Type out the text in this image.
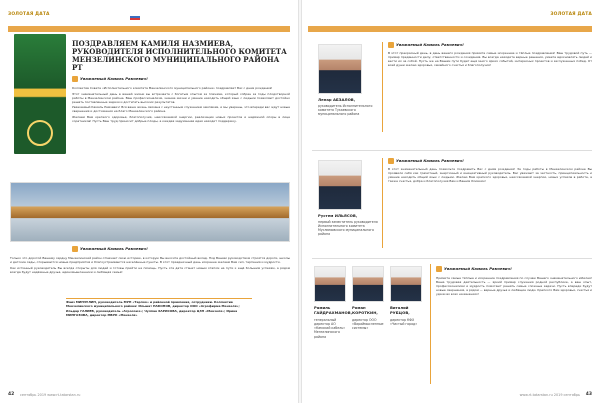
ЗОЛОТАЯ ДАТА
ПОЗДРАВЛЯЕМ КАМИЛЯ НАЗМИЕВА, РУКОВОДИТЕЛЯ ИСПОЛНИТЕЛЬНОГО КОМИТЕТА МЕНЗЕЛИНСКОГО МУНИЦИПАЛЬНОГО РАЙОНА РТ
Уважаемый Камиль Рамзевич!

Коллектив Совета «Исполнительного комитета Мензелинского муниципального района» поздравляет Вас с днем рождения!

Этот знаменательный день в вашей жизни вы встречаете с богатым опытом за плечами, который собран за годы плодотворной работы в Мензелинском районе. Ваш профессионализм, знание жизни и умение находить общий язык с людьми позволяют достойно решать поставленные задачи и достигать высоких результатов.

Уважаемый Камиль Рамзевич! Вся ваша жизнь связана с неустанным служением землякам, и мы уверены, что впереди вас ждут новые свершения и достижения на благо Мензелинского района.

Желаем Вам крепкого здоровья, благополучия, неиссякаемой энергии, реализации новых проектов и надёжной опоры в лице соратников! Пусть Ваш труд приносит добрые плоды, а каждая задуманная идея находит поддержку.

Уважаемый Камиль Рамзевич!

Только что дорогой Вашему сердцу Мензелинский район отмечает свою историю, в которую Вы вносите достойный вклад. Под Вашим руководством строятся дороги, школы и детские сады, открываются новые предприятия и благоустраиваются населённые пункты. В этот праздничный день искренне желаем Вам сил, терпения и мудрости.

Как истинный руководитель Вы всегда открыты для людей и готовы прийти на помощь. Пусть эта дата станет новым этапом на пути к ещё большим успехам, а рядом всегда будут надёжные друзья, единомышленники и любящая семья!

Фаиз МИНЗУЛИН, руководитель МУП «Тарлоо» и районной правления, сотрудники. Коллектив Мензелинского муниципального района: Ильшат ПАКОНОВ, директор ООО «Агрофирма Мензеля»; Ильдар ГАЛИЕВ, руководитель «Агросоюз»; Чулпан ХАРИСОВА, директор ЦЗН «Мензеля»; Ирина МИНГАЗОВА, директор МБУК «Мензеля»
42 сентябрь 2019 www.rt-tatarstan.ru
ЗОЛОТАЯ ДАТА
Ленар АБЗАЛОВ,
руководитель Исполнительного комитета Тукаевского муниципального района
Уважаемый Камиль Рамзевич!
В этот прекрасный день, в день вашего рождения примите самые искренние и тёплые поздравления! Ваш трудовой путь — пример преданности делу, ответственности и созидания. Вы всегда находите верные решения, умеете вдохновлять людей и вести их за собой. Пусть же на Вашем пути будет ещё много ярких событий, интересных проектов и заслуженных побед. От всей души желаю здоровья, семейного счастья и благополучия!
Рустем ИЛЬЯСОВ,
первый заместитель руководителя Исполнительного комитета Муслюмовского муниципального района
Уважаемый Камиль Рамзевич!
В этот знаменательный день позвольте поздравить Вас с днём рождения! За годы работы в Мензелинском районе Вы проявили себя как грамотный, энергичный и инициативный руководитель. Вас уважают за честность, принципиальность и умение находить общий язык с людьми. Желаю Вам крепкого здоровья, неиссякаемой энергии, новых успехов в работе, а также счастья, добра и благополучия Вам и Вашим близким!
Рамиль ГАЙДРАХМАНОВ,
генеральный директор АО «Камский кабель» Мензелинского района
Роман КОРОТКИН,
директор ООО «Вараймысленные системы»
Виталий РУБЦОВ,
директор КФХ «Чистый город»
Уважаемый Камиль Рамзевич!
Примите самые тёплые и искренние поздравления по случаю Вашего знаменательного юбилея! Ваша трудовая деятельность — яркий пример служения родной республике, а ваш опыт, профессионализм и мудрость помогают решать самые сложные задачи. Пусть впереди будут новые свершения, а рядом — верные друзья и любящие люди. Крепкого Вам здоровья, счастья и удачи во всех начинаниях!
www.rt-tatarstan.ru 2019 сентябрь 43
